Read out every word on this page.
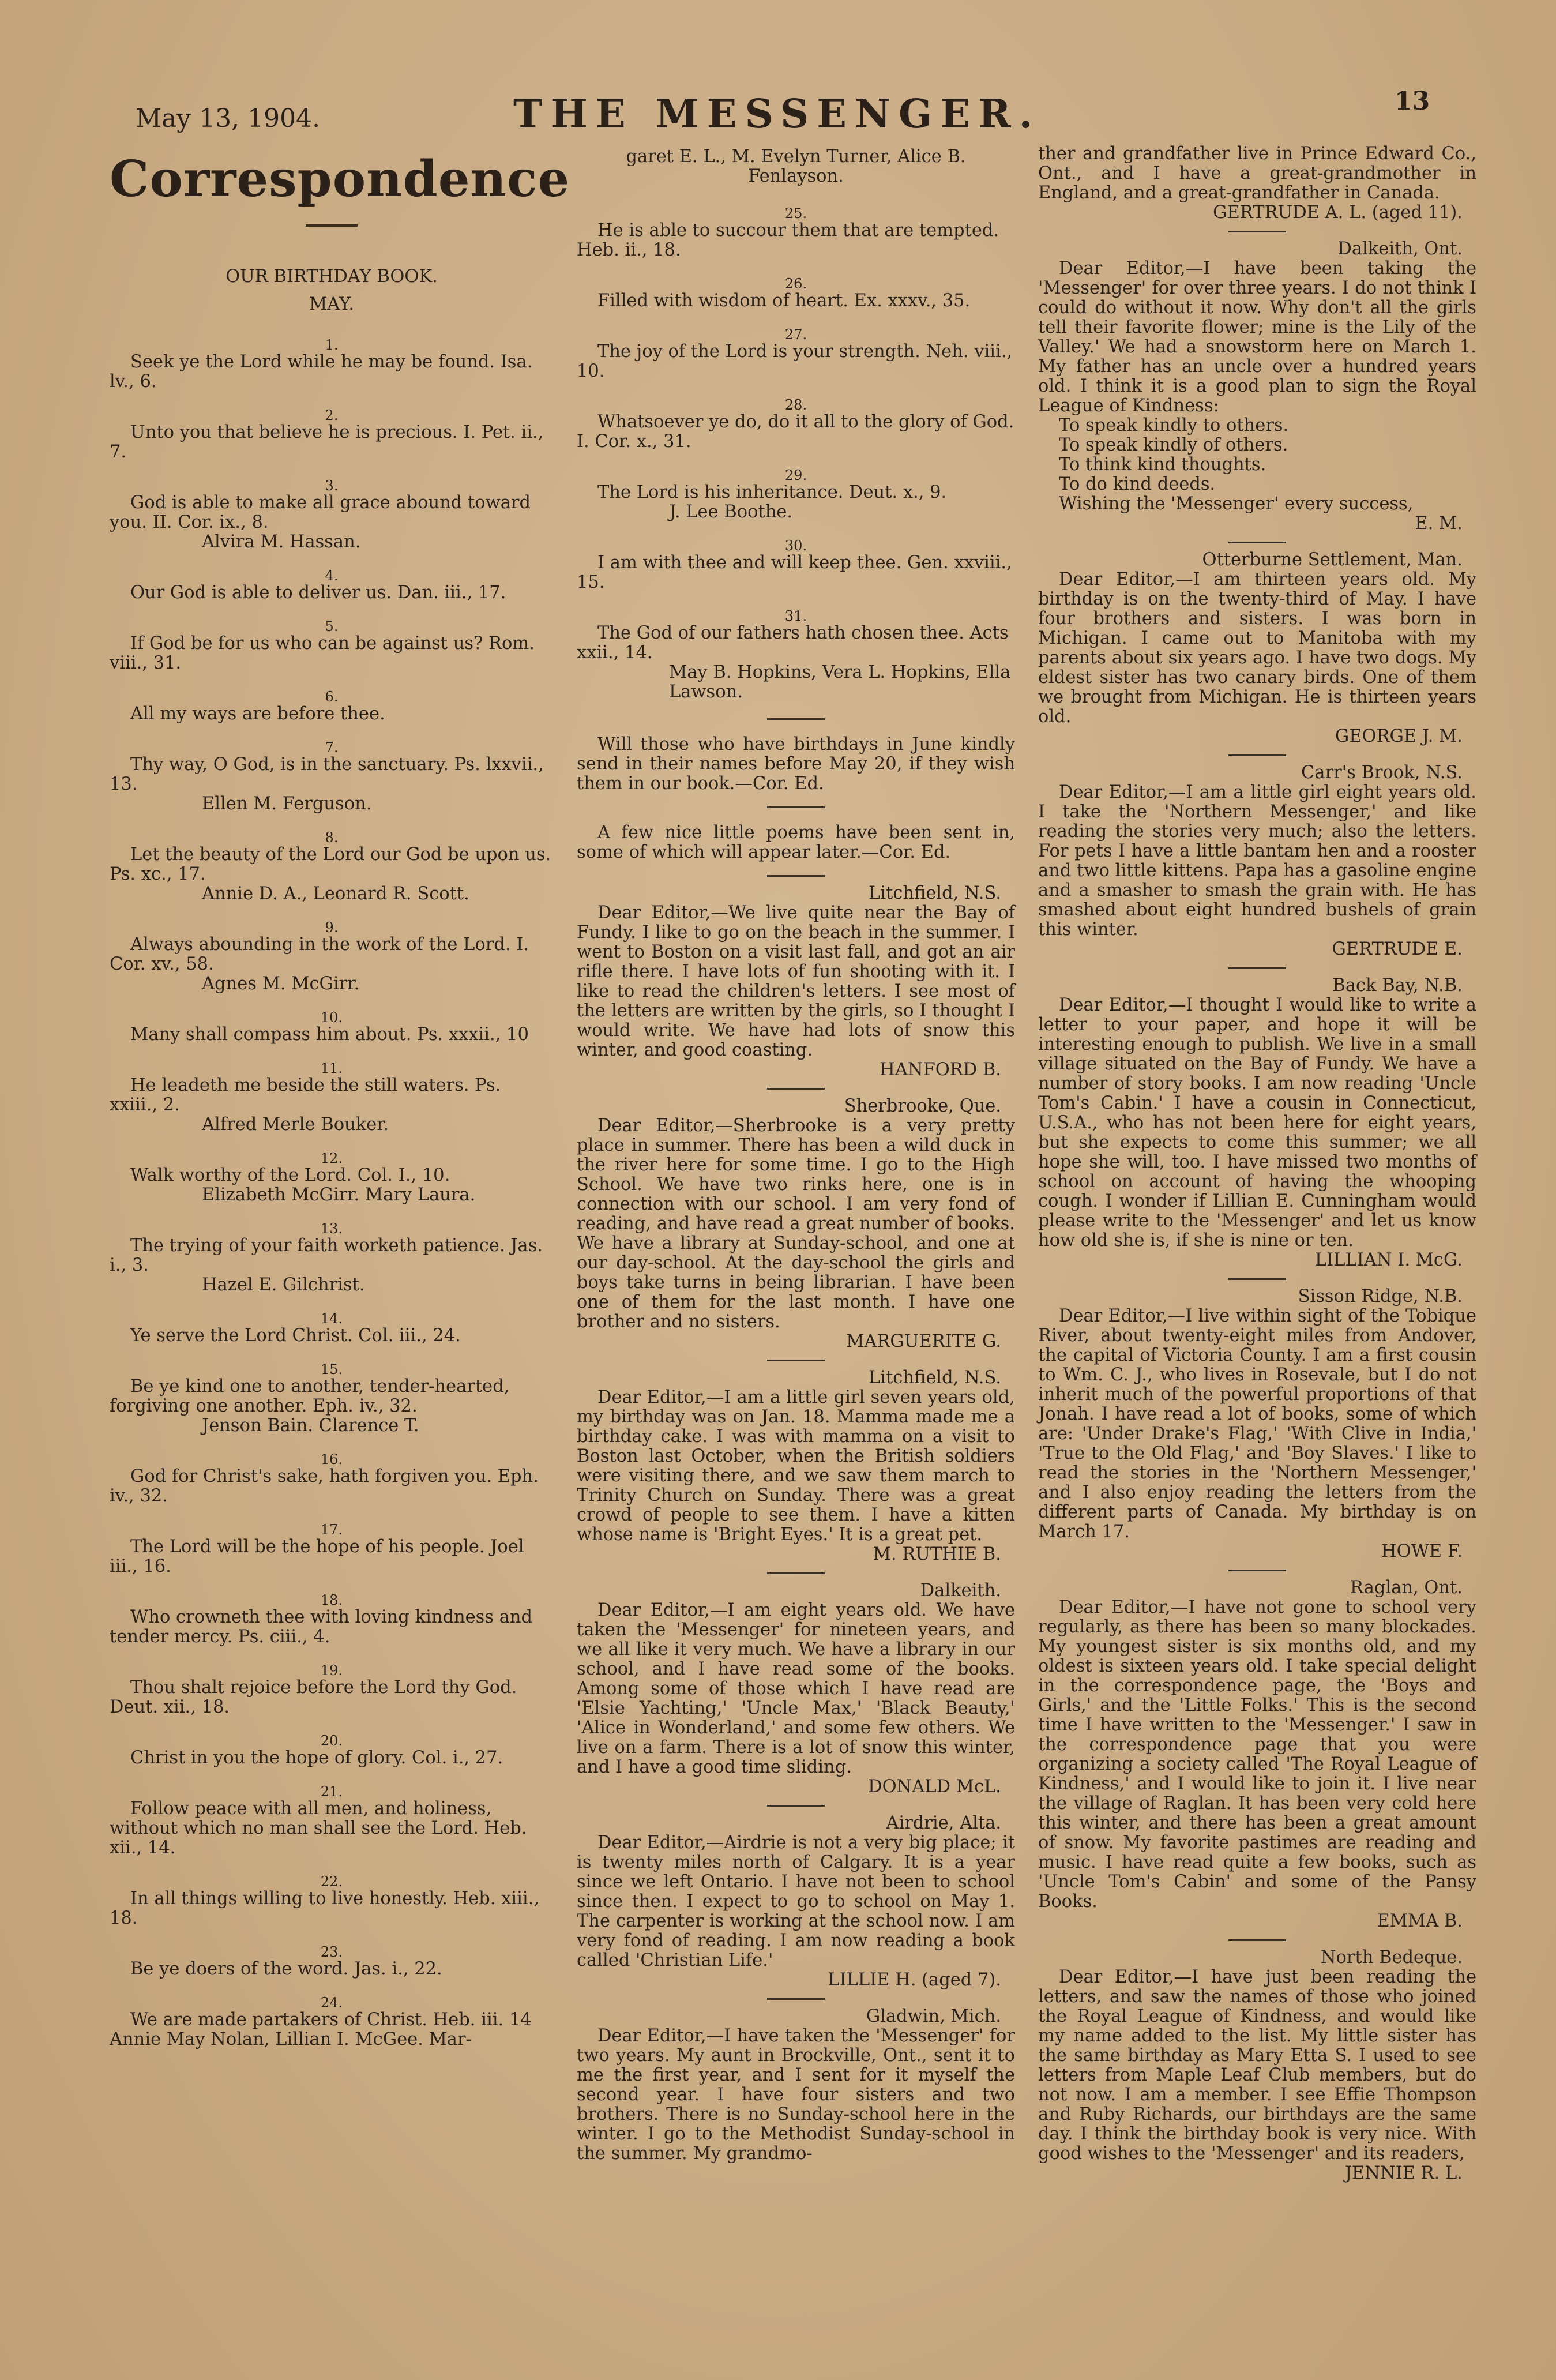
May 13, 1904.	THE MESSENGER.	13
Correspondence
OUR BIRTHDAY BOOK.
MAY.
1.
Seek ye the Lord while he may be found. Isa. lv., 6.
2.
Unto you that believe he is precious. I. Pet. ii., 7.
3.
God is able to make all grace abound toward you. II. Cor. ix., 8.
Alvira M. Hassan.
4.
Our God is able to deliver us. Dan. iii., 17.
5.
If God be for us who can be against us? Rom. viii., 31.
6.
All my ways are before thee.
7.
Thy way, O God, is in the sanctuary. Ps. lxxvii., 13.
Ellen M. Ferguson.
8.
Let the beauty of the Lord our God be upon us. Ps. xc., 17.
Annie D. A., Leonard R. Scott.
9.
Always abounding in the work of the Lord. I. Cor. xv., 58.
Agnes M. McGirr.
10.
Many shall compass him about. Ps. xxxii., 10
11.
He leadeth me beside the still waters. Ps. xxiii., 2.
Alfred Merle Bouker.
12.
Walk worthy of the Lord. Col. I., 10.
Elizabeth McGirr. Mary Laura.
13.
The trying of your faith worketh patience. Jas. i., 3.
Hazel E. Gilchrist.
14.
Ye serve the Lord Christ. Col. iii., 24.
15.
Be ye kind one to another, tender-hearted, forgiving one another. Eph. iv., 32.
Jenson Bain. Clarence T.
16.
God for Christ's sake, hath forgiven you. Eph. iv., 32.
17.
The Lord will be the hope of his people. Joel iii., 16.
18.
Who crowneth thee with loving kindness and tender mercy. Ps. ciii., 4.
19.
Thou shalt rejoice before the Lord thy God. Deut. xii., 18.
20.
Christ in you the hope of glory. Col. i., 27.
21.
Follow peace with all men, and holiness, without which no man shall see the Lord. Heb. xii., 14.
22.
In all things willing to live honestly. Heb. xiii., 18.
23.
Be ye doers of the word. Jas. i., 22.
24.
We are made partakers of Christ. Heb. iii. 14 Annie May Nolan, Lillian I. McGee. Mar-
garet E. L., M. Evelyn Turner, Alice B. Fenlayson.
25.
He is able to succour them that are tempted. Heb. ii., 18.
26.
Filled with wisdom of heart. Ex. xxxv., 35.
27.
The joy of the Lord is your strength. Neh. viii., 10.
28.
Whatsoever ye do, do it all to the glory of God. I. Cor. x., 31.
29.
The Lord is his inheritance. Deut. x., 9.
J. Lee Boothe.
30.
I am with thee and will keep thee. Gen. xxviii., 15.
31.
The God of our fathers hath chosen thee. Acts xxii., 14.
May B. Hopkins, Vera L. Hopkins, Ella Lawson.
Will those who have birthdays in June kindly send in their names before May 20, if they wish them in our book.—Cor. Ed.
A few nice little poems have been sent in, some of which will appear later.—Cor. Ed.
Litchfield, N.S.
Dear Editor,—We live quite near the Bay of Fundy. I like to go on the beach in the summer. I went to Boston on a visit last fall, and got an air rifle there. I have lots of fun shooting with it. I like to read the children's letters. I see most of the letters are written by the girls, so I thought I would write. We have had lots of snow this winter, and good coasting.
HANFORD B.
Sherbrooke, Que.
Dear Editor,—Sherbrooke is a very pretty place in summer. There has been a wild duck in the river here for some time. I go to the High School. We have two rinks here, one is in connection with our school. I am very fond of reading, and have read a great number of books. We have a library at Sunday-school, and one at our day-school. At the day-school the girls and boys take turns in being librarian. I have been one of them for the last month. I have one brother and no sisters.
MARGUERITE G.
Litchfield, N.S.
Dear Editor,—I am a little girl seven years old, my birthday was on Jan. 18. Mamma made me a birthday cake. I was with mamma on a visit to Boston last October, when the British soldiers were visiting there, and we saw them march to Trinity Church on Sunday. There was a great crowd of people to see them. I have a kitten whose name is 'Bright Eyes.' It is a great pet.
M. RUTHIE B.
Dalkeith.
Dear Editor,—I am eight years old. We have taken the 'Messenger' for nineteen years, and we all like it very much. We have a library in our school, and I have read some of the books. Among some of those which I have read are 'Elsie Yachting,' 'Uncle Max,' 'Black Beauty,' 'Alice in Wonderland,' and some few others. We live on a farm. There is a lot of snow this winter, and I have a good time sliding.
DONALD McL.
Airdrie, Alta.
Dear Editor,—Airdrie is not a very big place; it is twenty miles north of Calgary. It is a year since we left Ontario. I have not been to school since then. I expect to go to school on May 1. The carpenter is working at the school now. I am very fond of reading. I am now reading a book called 'Christian Life.'
LILLIE H. (aged 7).
Gladwin, Mich.
Dear Editor,—I have taken the 'Messenger' for two years. My aunt in Brockville, Ont., sent it to me the first year, and I sent for it myself the second year. I have four sisters and two brothers. There is no Sunday-school here in the winter. I go to the Methodist Sunday-school in the summer. My grandmo-
ther and grandfather live in Prince Edward Co., Ont., and I have a great-grandmother in England, and a great-grandfather in Canada.
GERTRUDE A. L. (aged 11).
Dalkeith, Ont.
Dear Editor,—I have been taking the 'Messenger' for over three years. I do not think I could do without it now. Why don't all the girls tell their favorite flower; mine is the Lily of the Valley.' We had a snowstorm here on March 1. My father has an uncle over a hundred years old. I think it is a good plan to sign the Royal League of Kindness:
To speak kindly to others.
To speak kindly of others.
To think kind thoughts.
To do kind deeds.
Wishing the 'Messenger' every success,
E. M.
Otterburne Settlement, Man.
Dear Editor,—I am thirteen years old. My birthday is on the twenty-third of May. I have four brothers and sisters. I was born in Michigan. I came out to Manitoba with my parents about six years ago. I have two dogs. My eldest sister has two canary birds. One of them we brought from Michigan. He is thirteen years old.
GEORGE J. M.
Carr's Brook, N.S.
Dear Editor,—I am a little girl eight years old. I take the 'Northern Messenger,' and like reading the stories very much; also the letters. For pets I have a little bantam hen and a rooster and two little kittens. Papa has a gasoline engine and a smasher to smash the grain with. He has smashed about eight hundred bushels of grain this winter.
GERTRUDE E.
Back Bay, N.B.
Dear Editor,—I thought I would like to write a letter to your paper, and hope it will be interesting enough to publish. We live in a small village situated on the Bay of Fundy. We have a number of story books. I am now reading 'Uncle Tom's Cabin.' I have a cousin in Connecticut, U.S.A., who has not been here for eight years, but she expects to come this summer; we all hope she will, too. I have missed two months of school on account of having the whooping cough. I wonder if Lillian E. Cunningham would please write to the 'Messenger' and let us know how old she is, if she is nine or ten.
LILLIAN I. McG.
Sisson Ridge, N.B.
Dear Editor,—I live within sight of the Tobique River, about twenty-eight miles from Andover, the capital of Victoria County. I am a first cousin to Wm. C. J., who lives in Rosevale, but I do not inherit much of the powerful proportions of that Jonah. I have read a lot of books, some of which are: 'Under Drake's Flag,' 'With Clive in India,' 'True to the Old Flag,' and 'Boy Slaves.' I like to read the stories in the 'Northern Messenger,' and I also enjoy reading the letters from the different parts of Canada. My birthday is on March 17.
HOWE F.
Raglan, Ont.
Dear Editor,—I have not gone to school very regularly, as there has been so many blockades. My youngest sister is six months old, and my oldest is sixteen years old. I take special delight in the correspondence page, the 'Boys and Girls,' and the 'Little Folks.' This is the second time I have written to the 'Messenger.' I saw in the correspondence page that you were organizing a society called 'The Royal League of Kindness,' and I would like to join it. I live near the village of Raglan. It has been very cold here this winter, and there has been a great amount of snow. My favorite pastimes are reading and music. I have read quite a few books, such as 'Uncle Tom's Cabin' and some of the Pansy Books.
EMMA B.
North Bedeque.
Dear Editor,—I have just been reading the letters, and saw the names of those who joined the Royal League of Kindness, and would like my name added to the list. My little sister has the same birthday as Mary Etta S. I used to see letters from Maple Leaf Club members, but do not now. I am a member. I see Effie Thompson and Ruby Richards, our birthdays are the same day. I think the birthday book is very nice. With good wishes to the 'Messenger' and its readers,
JENNIE R. L.
